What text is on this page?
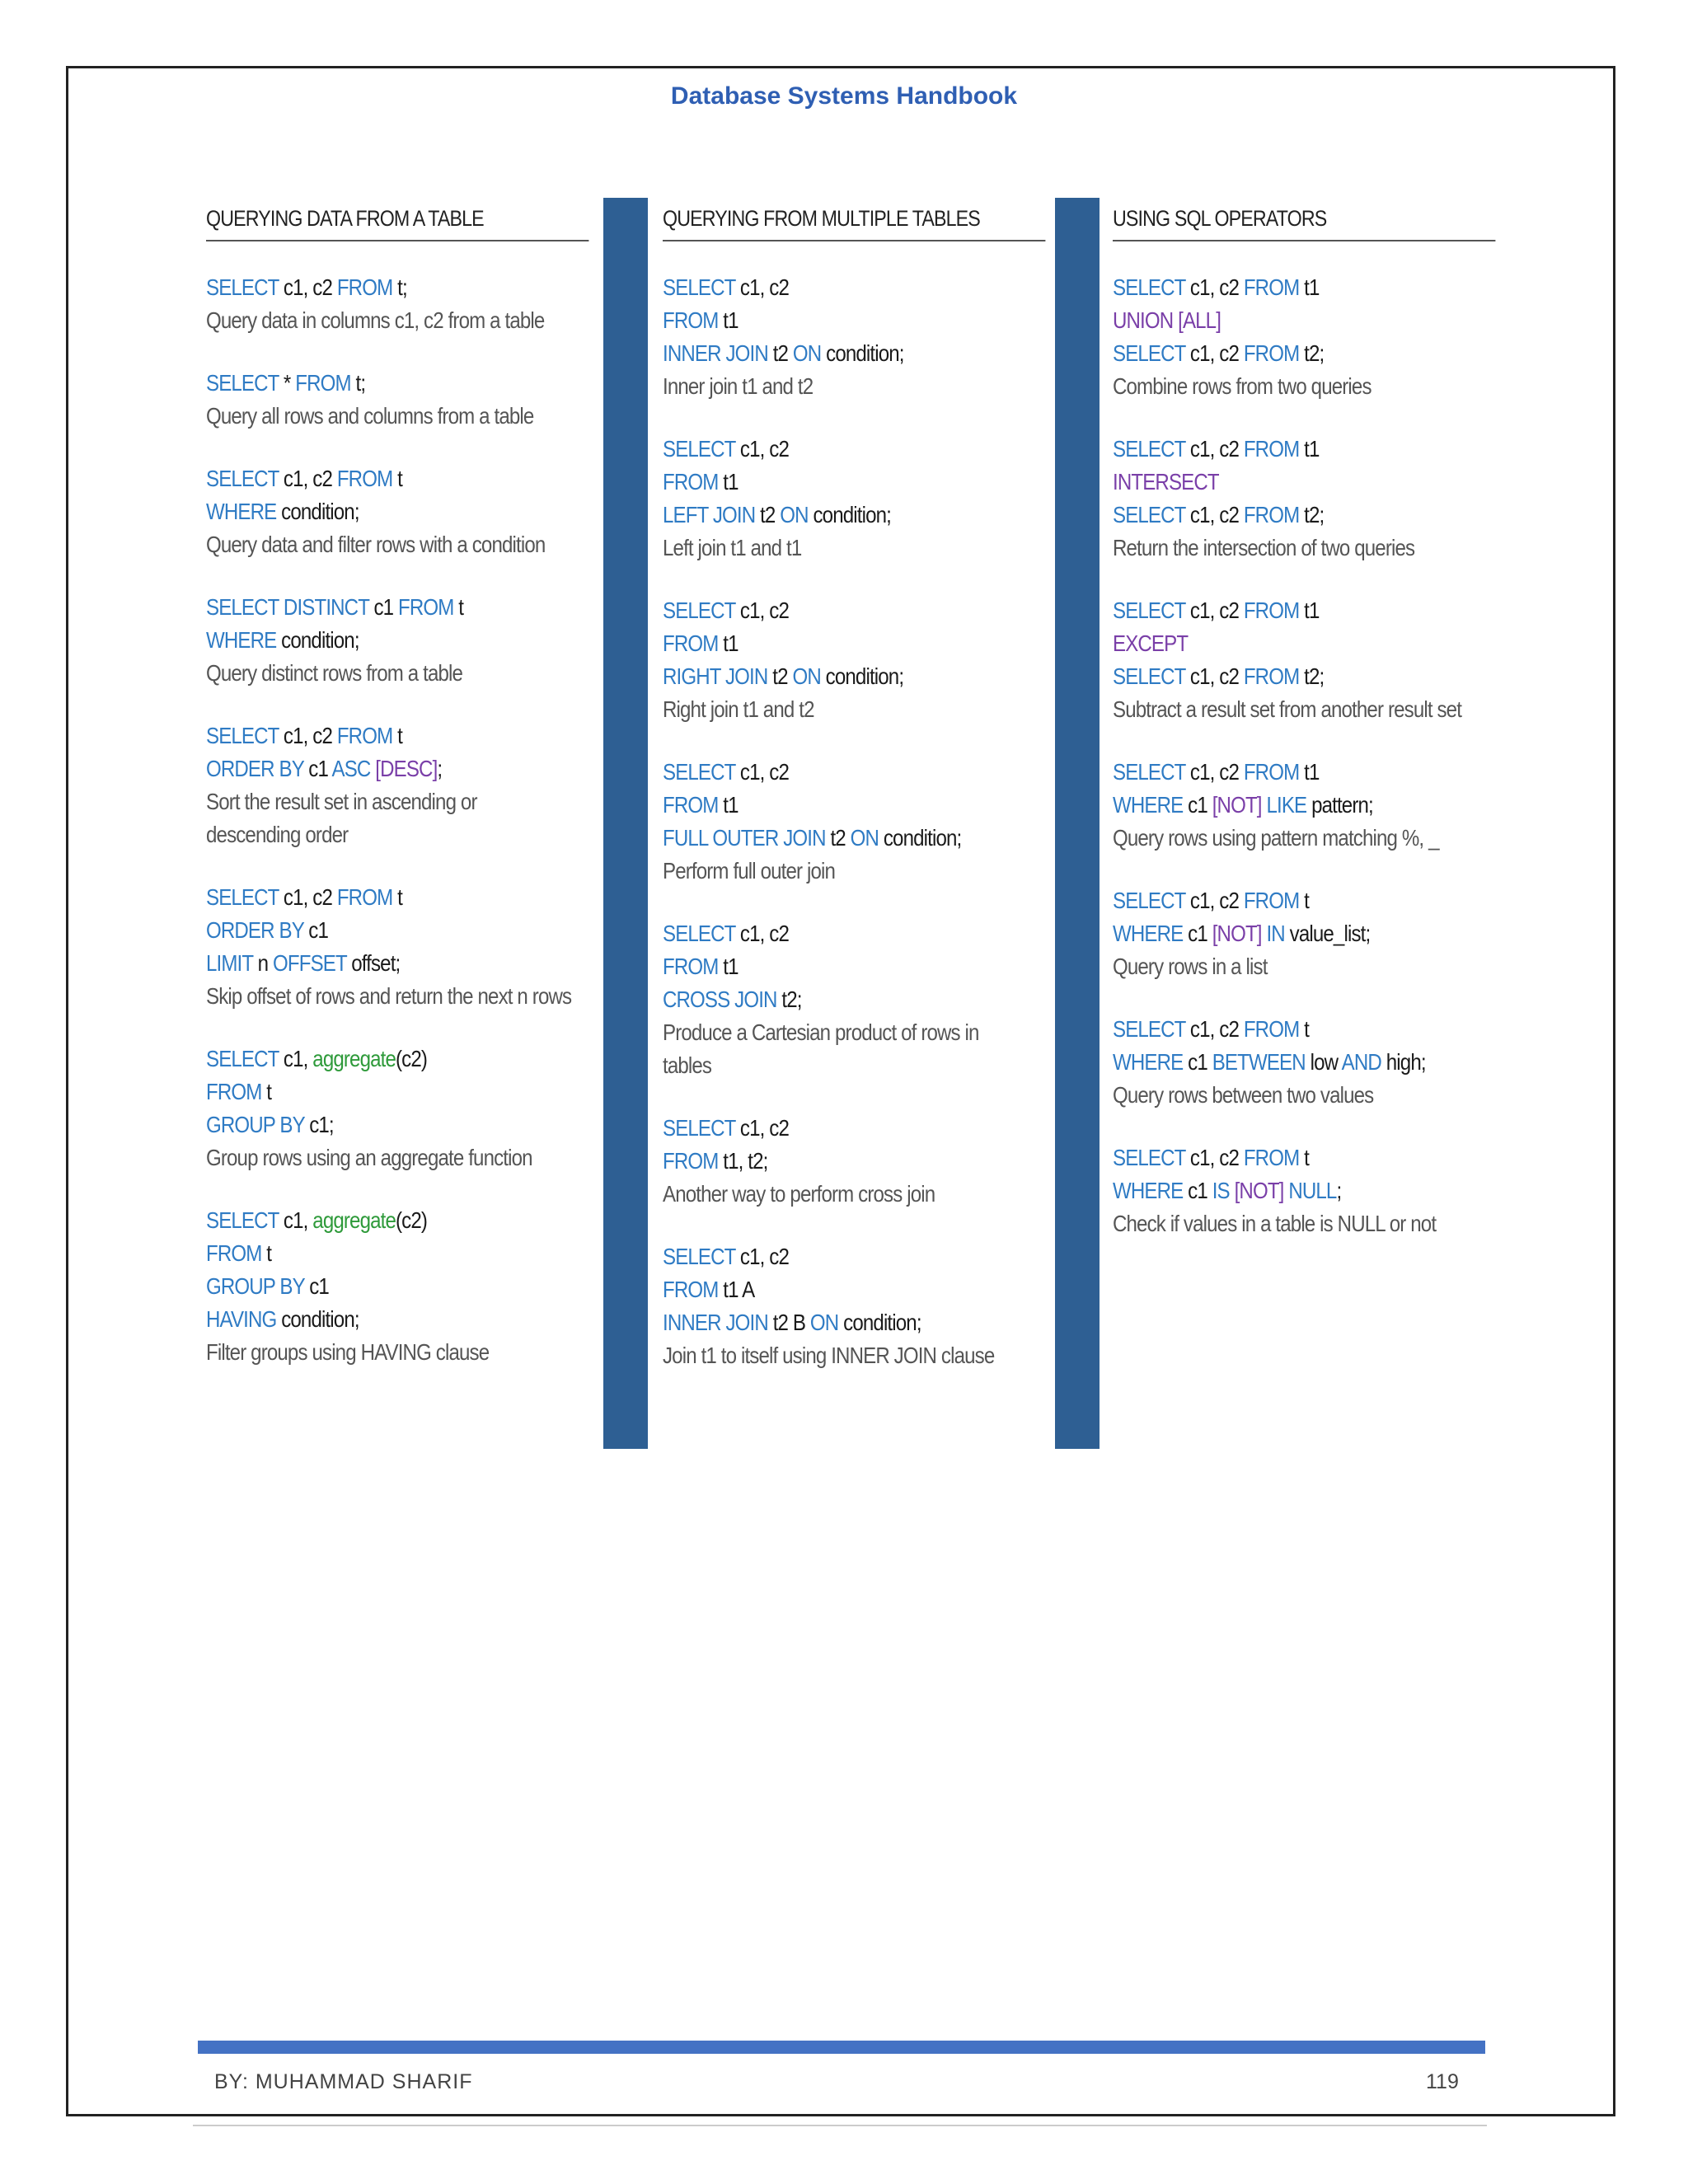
Database Systems Handbook
QUERYING DATA FROM A TABLE
SELECT c1, c2 FROM t;
Query data in columns c1, c2 from a table
SELECT * FROM t;
Query all rows and columns from a table
SELECT c1, c2 FROM t
WHERE condition;
Query data and filter rows with a condition
SELECT DISTINCT c1 FROM t
WHERE condition;
Query distinct rows from a table
SELECT c1, c2 FROM t
ORDER BY c1 ASC [DESC];
Sort the result set in ascending or descending order
SELECT c1, c2 FROM t
ORDER BY c1
LIMIT n OFFSET offset;
Skip offset of rows and return the next n rows
SELECT c1, aggregate(c2)
FROM t
GROUP BY c1;
Group rows using an aggregate function
SELECT c1, aggregate(c2)
FROM t
GROUP BY c1
HAVING condition;
Filter groups using HAVING clause
QUERYING FROM MULTIPLE TABLES
SELECT c1, c2
FROM t1
INNER JOIN t2 ON condition;
Inner join t1 and t2
SELECT c1, c2
FROM t1
LEFT JOIN t2 ON condition;
Left join t1 and t1
SELECT c1, c2
FROM t1
RIGHT JOIN t2 ON condition;
Right join t1 and t2
SELECT c1, c2
FROM t1
FULL OUTER JOIN t2 ON condition;
Perform full outer join
SELECT c1, c2
FROM t1
CROSS JOIN t2;
Produce a Cartesian product of rows in tables
SELECT c1, c2
FROM t1, t2;
Another way to perform cross join
SELECT c1, c2
FROM t1 A
INNER JOIN t2 B ON condition;
Join t1 to itself using INNER JOIN clause
USING SQL OPERATORS
SELECT c1, c2 FROM t1
UNION [ALL]
SELECT c1, c2 FROM t2;
Combine rows from two queries
SELECT c1, c2 FROM t1
INTERSECT
SELECT c1, c2 FROM t2;
Return the intersection of two queries
SELECT c1, c2 FROM t1
EXCEPT
SELECT c1, c2 FROM t2;
Subtract a result set from another result set
SELECT c1, c2 FROM t1
WHERE c1 [NOT] LIKE pattern;
Query rows using pattern matching %, _
SELECT c1, c2 FROM t
WHERE c1 [NOT] IN value_list;
Query rows in a list
SELECT c1, c2 FROM t
WHERE c1 BETWEEN low AND high;
Query rows between two values
SELECT c1, c2 FROM t
WHERE c1 IS [NOT] NULL;
Check if values in a table is NULL or not
BY: MUHAMMAD SHARIF	119
